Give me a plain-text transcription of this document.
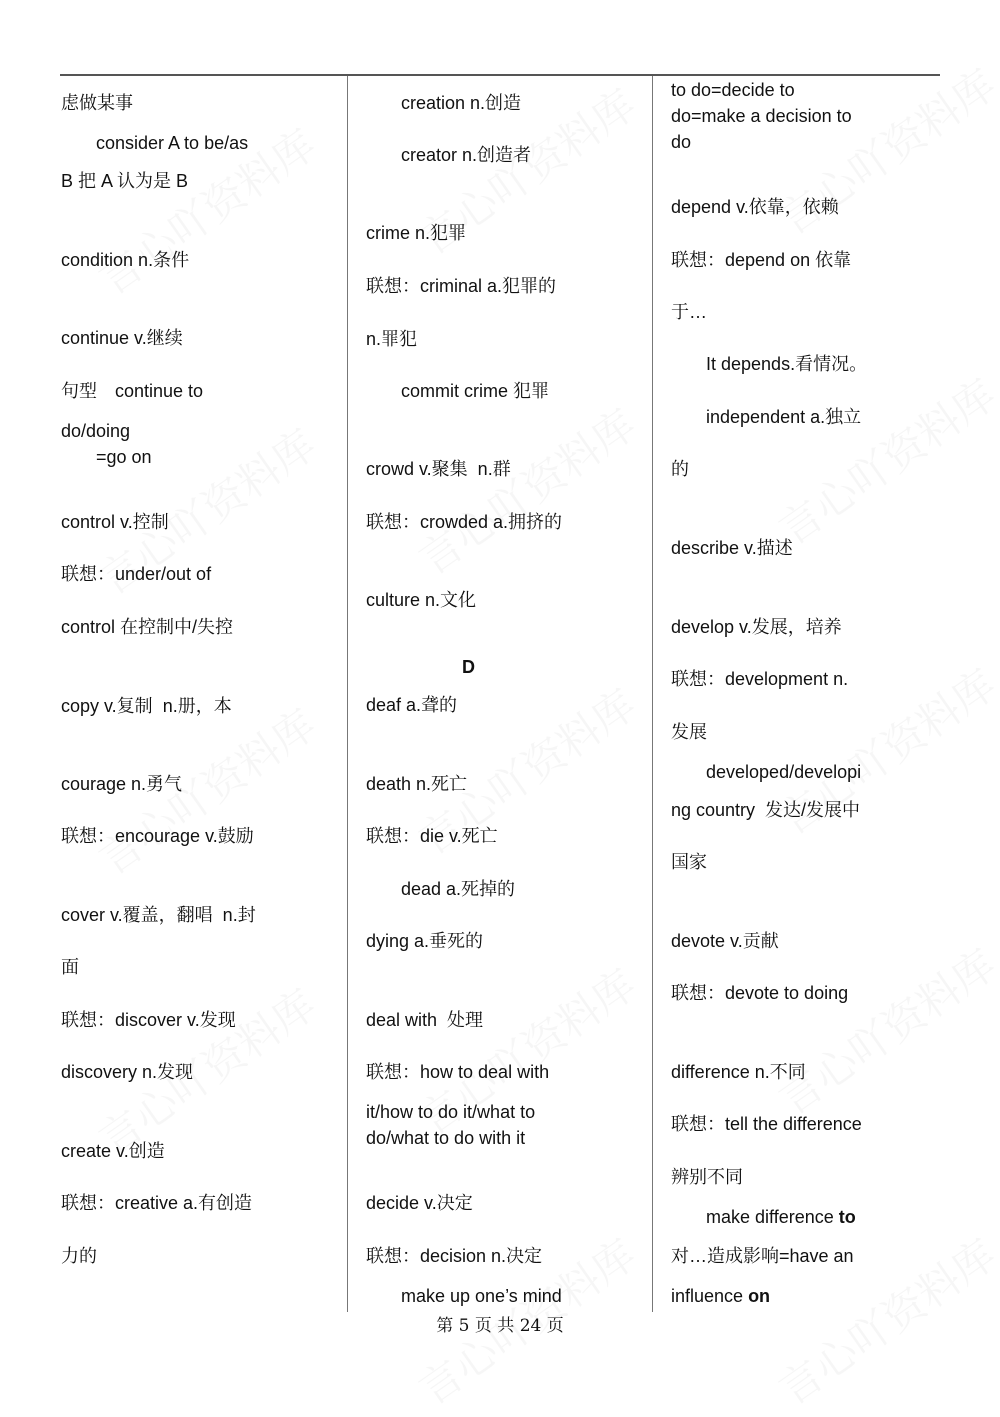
虑做某事
consider A to be/as
B 把 A 认为是 B
condition n.条件
continue v.继续
句型　continue to
do/doing
=go on
control v.控制
联想：under/out of
control 在控制中/失控
copy v.复制  n.册，本
courage n.勇气
联想：encourage v.鼓励
cover v.覆盖，翻唱  n.封
面
联想：discover v.发现
discovery n.发现
create v.创造
联想：creative a.有创造
力的
creation n.创造
creator n.创造者
crime n.犯罪
联想：criminal a.犯罪的
n.罪犯
commit crime 犯罪
crowd v.聚集  n.群
联想：crowded a.拥挤的
culture n.文化
D
deaf a.聋的
death n.死亡
联想：die v.死亡
dead a.死掉的
dying a.垂死的
deal with  处理
联想：how to deal with
it/how to do it/what to
do/what to do with it
decide v.决定
联想：decision n.决定
make up one’s mind
to do=decide to
do=make a decision to
do
depend v.依靠，依赖
联想：depend on 依靠
于…
It depends.看情况。
independent a.独立
的
describe v.描述
develop v.发展，培养
联想：development n.
发展
developed/developi
ng country  发达/发展中
国家
devote v.贡献
联想：devote to doing
difference n.不同
联想：tell the difference
辨别不同
make difference to
对…造成影响=have an
influence on
第 5 页 共 24 页
